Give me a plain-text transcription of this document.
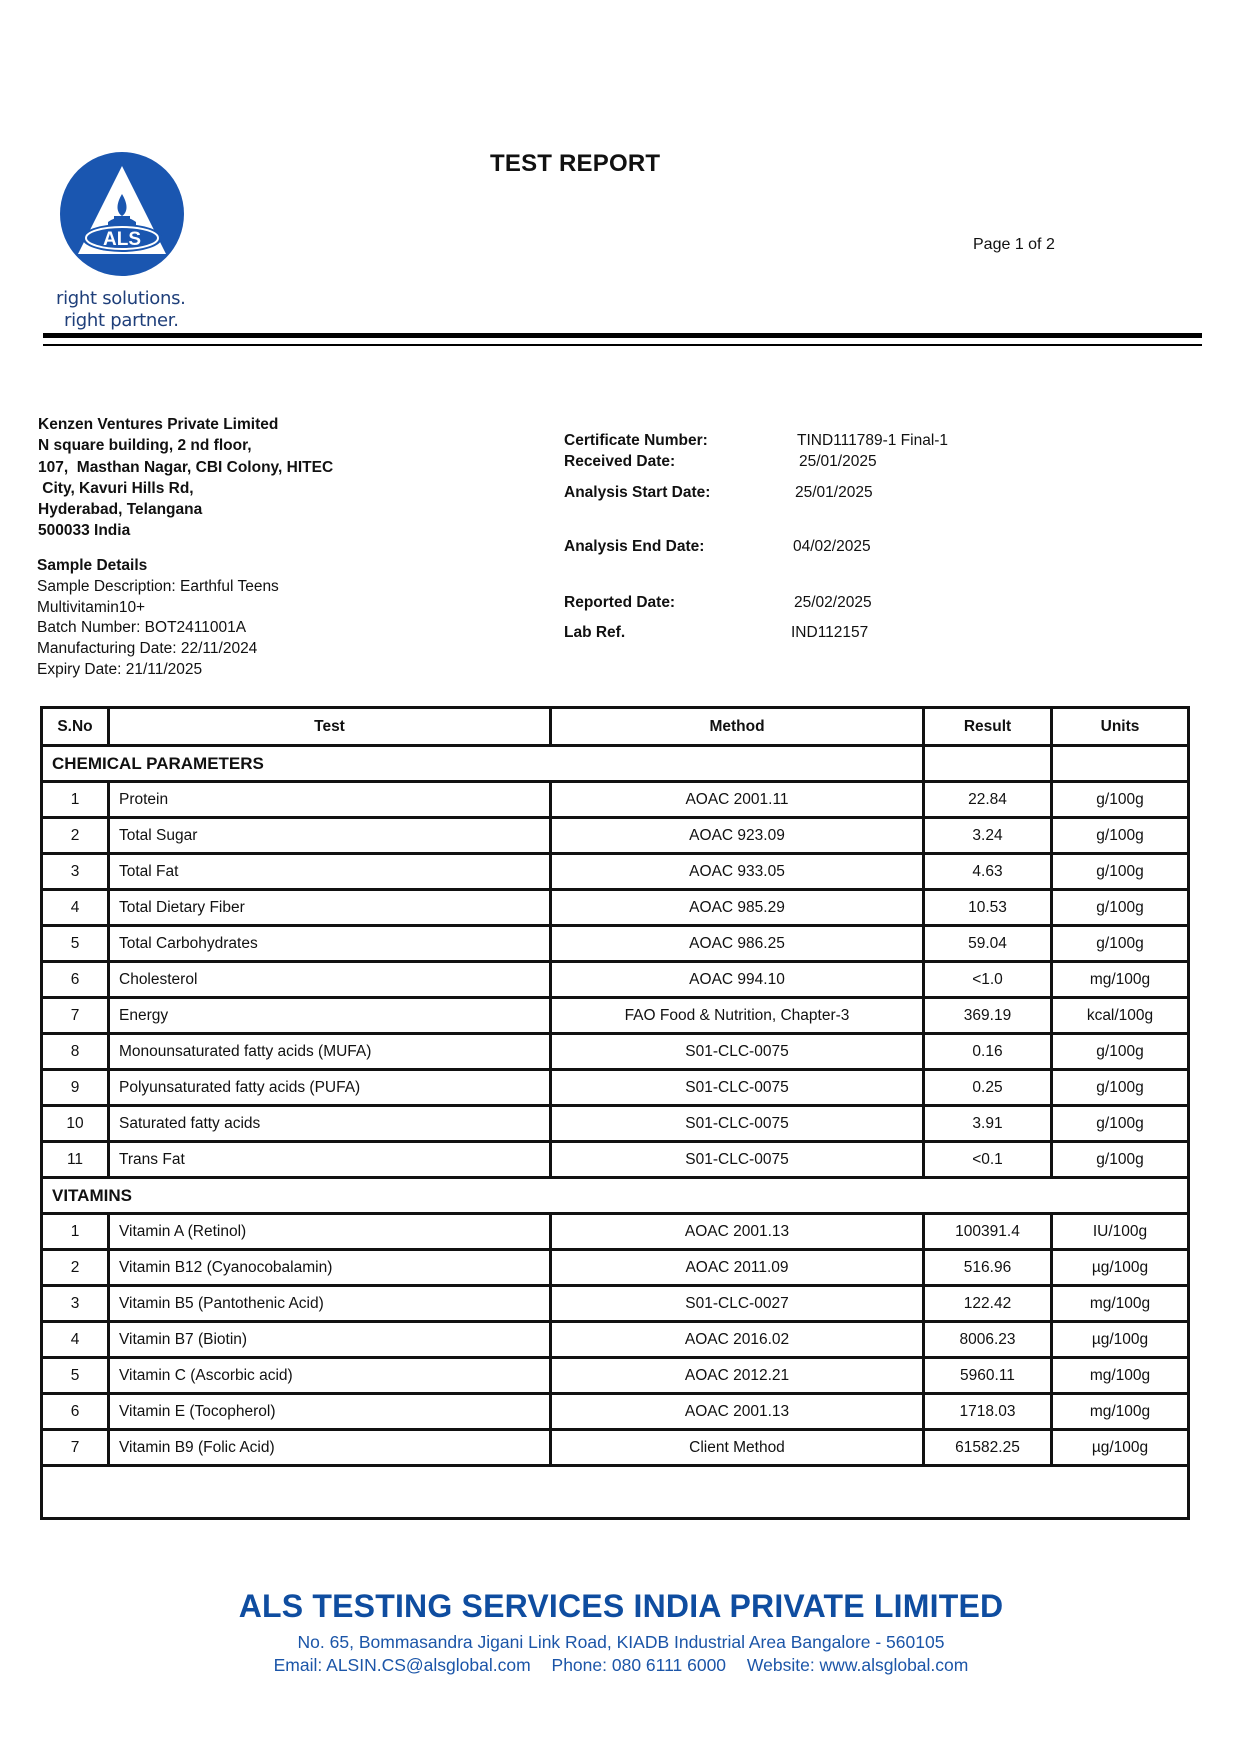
ALS
right solutions.
right partner.
TEST REPORT
Page 1 of 2
Kenzen Ventures Private Limited
N square building, 2 nd floor,
107,  Masthan Nagar, CBI Colony, HITEC
City, Kavuri Hills Rd,
Hyderabad, Telangana
500033 India
Sample Details
Sample Description: Earthful Teens
Multivitamin10+
Batch Number: BOT2411001A
Manufacturing Date: 22/11/2024
Expiry Date: 21/11/2025
Certificate Number:	TIND111789-1 Final-1
Received Date:	25/01/2025
Analysis Start Date:	25/01/2025
Analysis End Date:	04/02/2025
Reported Date:	25/02/2025
Lab Ref.	IND112157
S.No	Test	Method	Result	Units
CHEMICAL PARAMETERS				
1	Protein	AOAC 2001.11	22.84	g/100g
2	Total Sugar	AOAC 923.09	3.24	g/100g
3	Total Fat	AOAC 933.05	4.63	g/100g
4	Total Dietary Fiber	AOAC 985.29	10.53	g/100g
5	Total Carbohydrates	AOAC 986.25	59.04	g/100g
6	Cholesterol	AOAC 994.10	<1.0	mg/100g
7	Energy	FAO Food & Nutrition, Chapter-3	369.19	kcal/100g
8	Monounsaturated fatty acids (MUFA)	S01-CLC-0075	0.16	g/100g
9	Polyunsaturated fatty acids (PUFA)	S01-CLC-0075	0.25	g/100g
10	Saturated fatty acids	S01-CLC-0075	3.91	g/100g
11	Trans Fat	S01-CLC-0075	<0.1	g/100g
VITAMINS				
1	Vitamin A (Retinol)	AOAC 2001.13	100391.4	IU/100g
2	Vitamin B12 (Cyanocobalamin)	AOAC 2011.09	516.96	µg/100g
3	Vitamin B5 (Pantothenic Acid)	S01-CLC-0027	122.42	mg/100g
4	Vitamin B7 (Biotin)	AOAC 2016.02	8006.23	µg/100g
5	Vitamin C (Ascorbic acid)	AOAC 2012.21	5960.11	mg/100g
6	Vitamin E (Tocopherol)	AOAC 2001.13	1718.03	mg/100g
7	Vitamin B9 (Folic Acid)	Client Method	61582.25	µg/100g

ALS TESTING SERVICES INDIA PRIVATE LIMITED
No. 65, Bommasandra Jigani Link Road, KIADB Industrial Area Bangalore - 560105
Email: ALSIN.CS@alsglobal.com Phone: 080 6111 6000 Website: www.alsglobal.com
